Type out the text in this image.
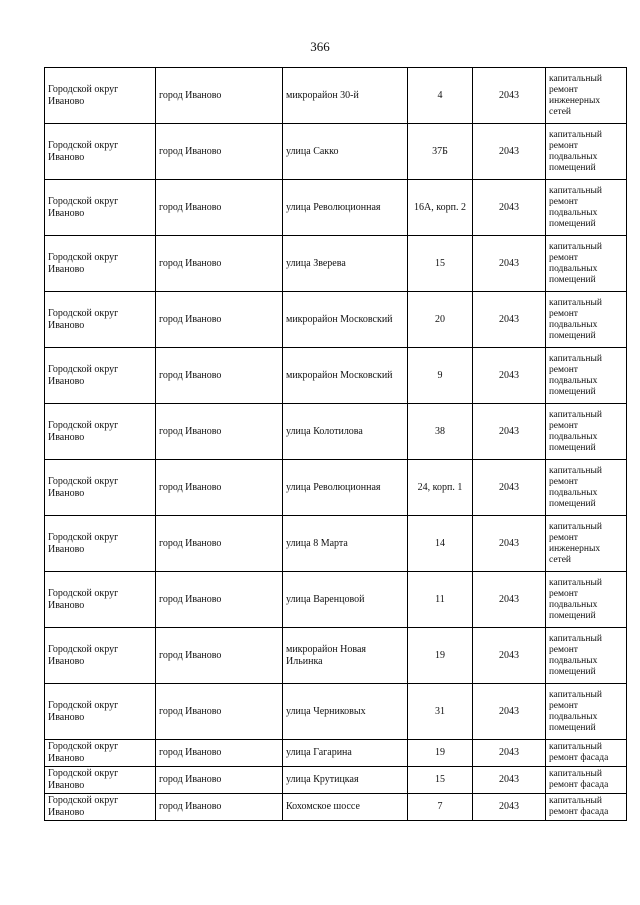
366
Городской округ Иваново	город Иваново	микрорайон 30-й	4	2043	капитальный ремонт инженерных сетей
Городской округ Иваново	город Иваново	улица Сакко	37Б	2043	капитальный ремонт подвальных помещений
Городской округ Иваново	город Иваново	улица Революционная	16А, корп. 2	2043	капитальный ремонт подвальных помещений
Городской округ Иваново	город Иваново	улица Зверева	15	2043	капитальный ремонт подвальных помещений
Городской округ Иваново	город Иваново	микрорайон Московский	20	2043	капитальный ремонт подвальных помещений
Городской округ Иваново	город Иваново	микрорайон Московский	9	2043	капитальный ремонт подвальных помещений
Городской округ Иваново	город Иваново	улица Колотилова	38	2043	капитальный ремонт подвальных помещений
Городской округ Иваново	город Иваново	улица Революционная	24, корп. 1	2043	капитальный ремонт подвальных помещений
Городской округ Иваново	город Иваново	улица 8 Марта	14	2043	капитальный ремонт инженерных сетей
Городской округ Иваново	город Иваново	улица Варенцовой	11	2043	капитальный ремонт подвальных помещений
Городской округ Иваново	город Иваново	микрорайон Новая Ильинка	19	2043	капитальный ремонт подвальных помещений
Городской округ Иваново	город Иваново	улица Черниковых	31	2043	капитальный ремонт подвальных помещений
Городской округ Иваново	город Иваново	улица Гагарина	19	2043	капитальный ремонт фасада
Городской округ Иваново	город Иваново	улица Крутицкая	15	2043	капитальный ремонт фасада
Городской округ Иваново	город Иваново	Кохомское шоссе	7	2043	капитальный ремонт фасада
